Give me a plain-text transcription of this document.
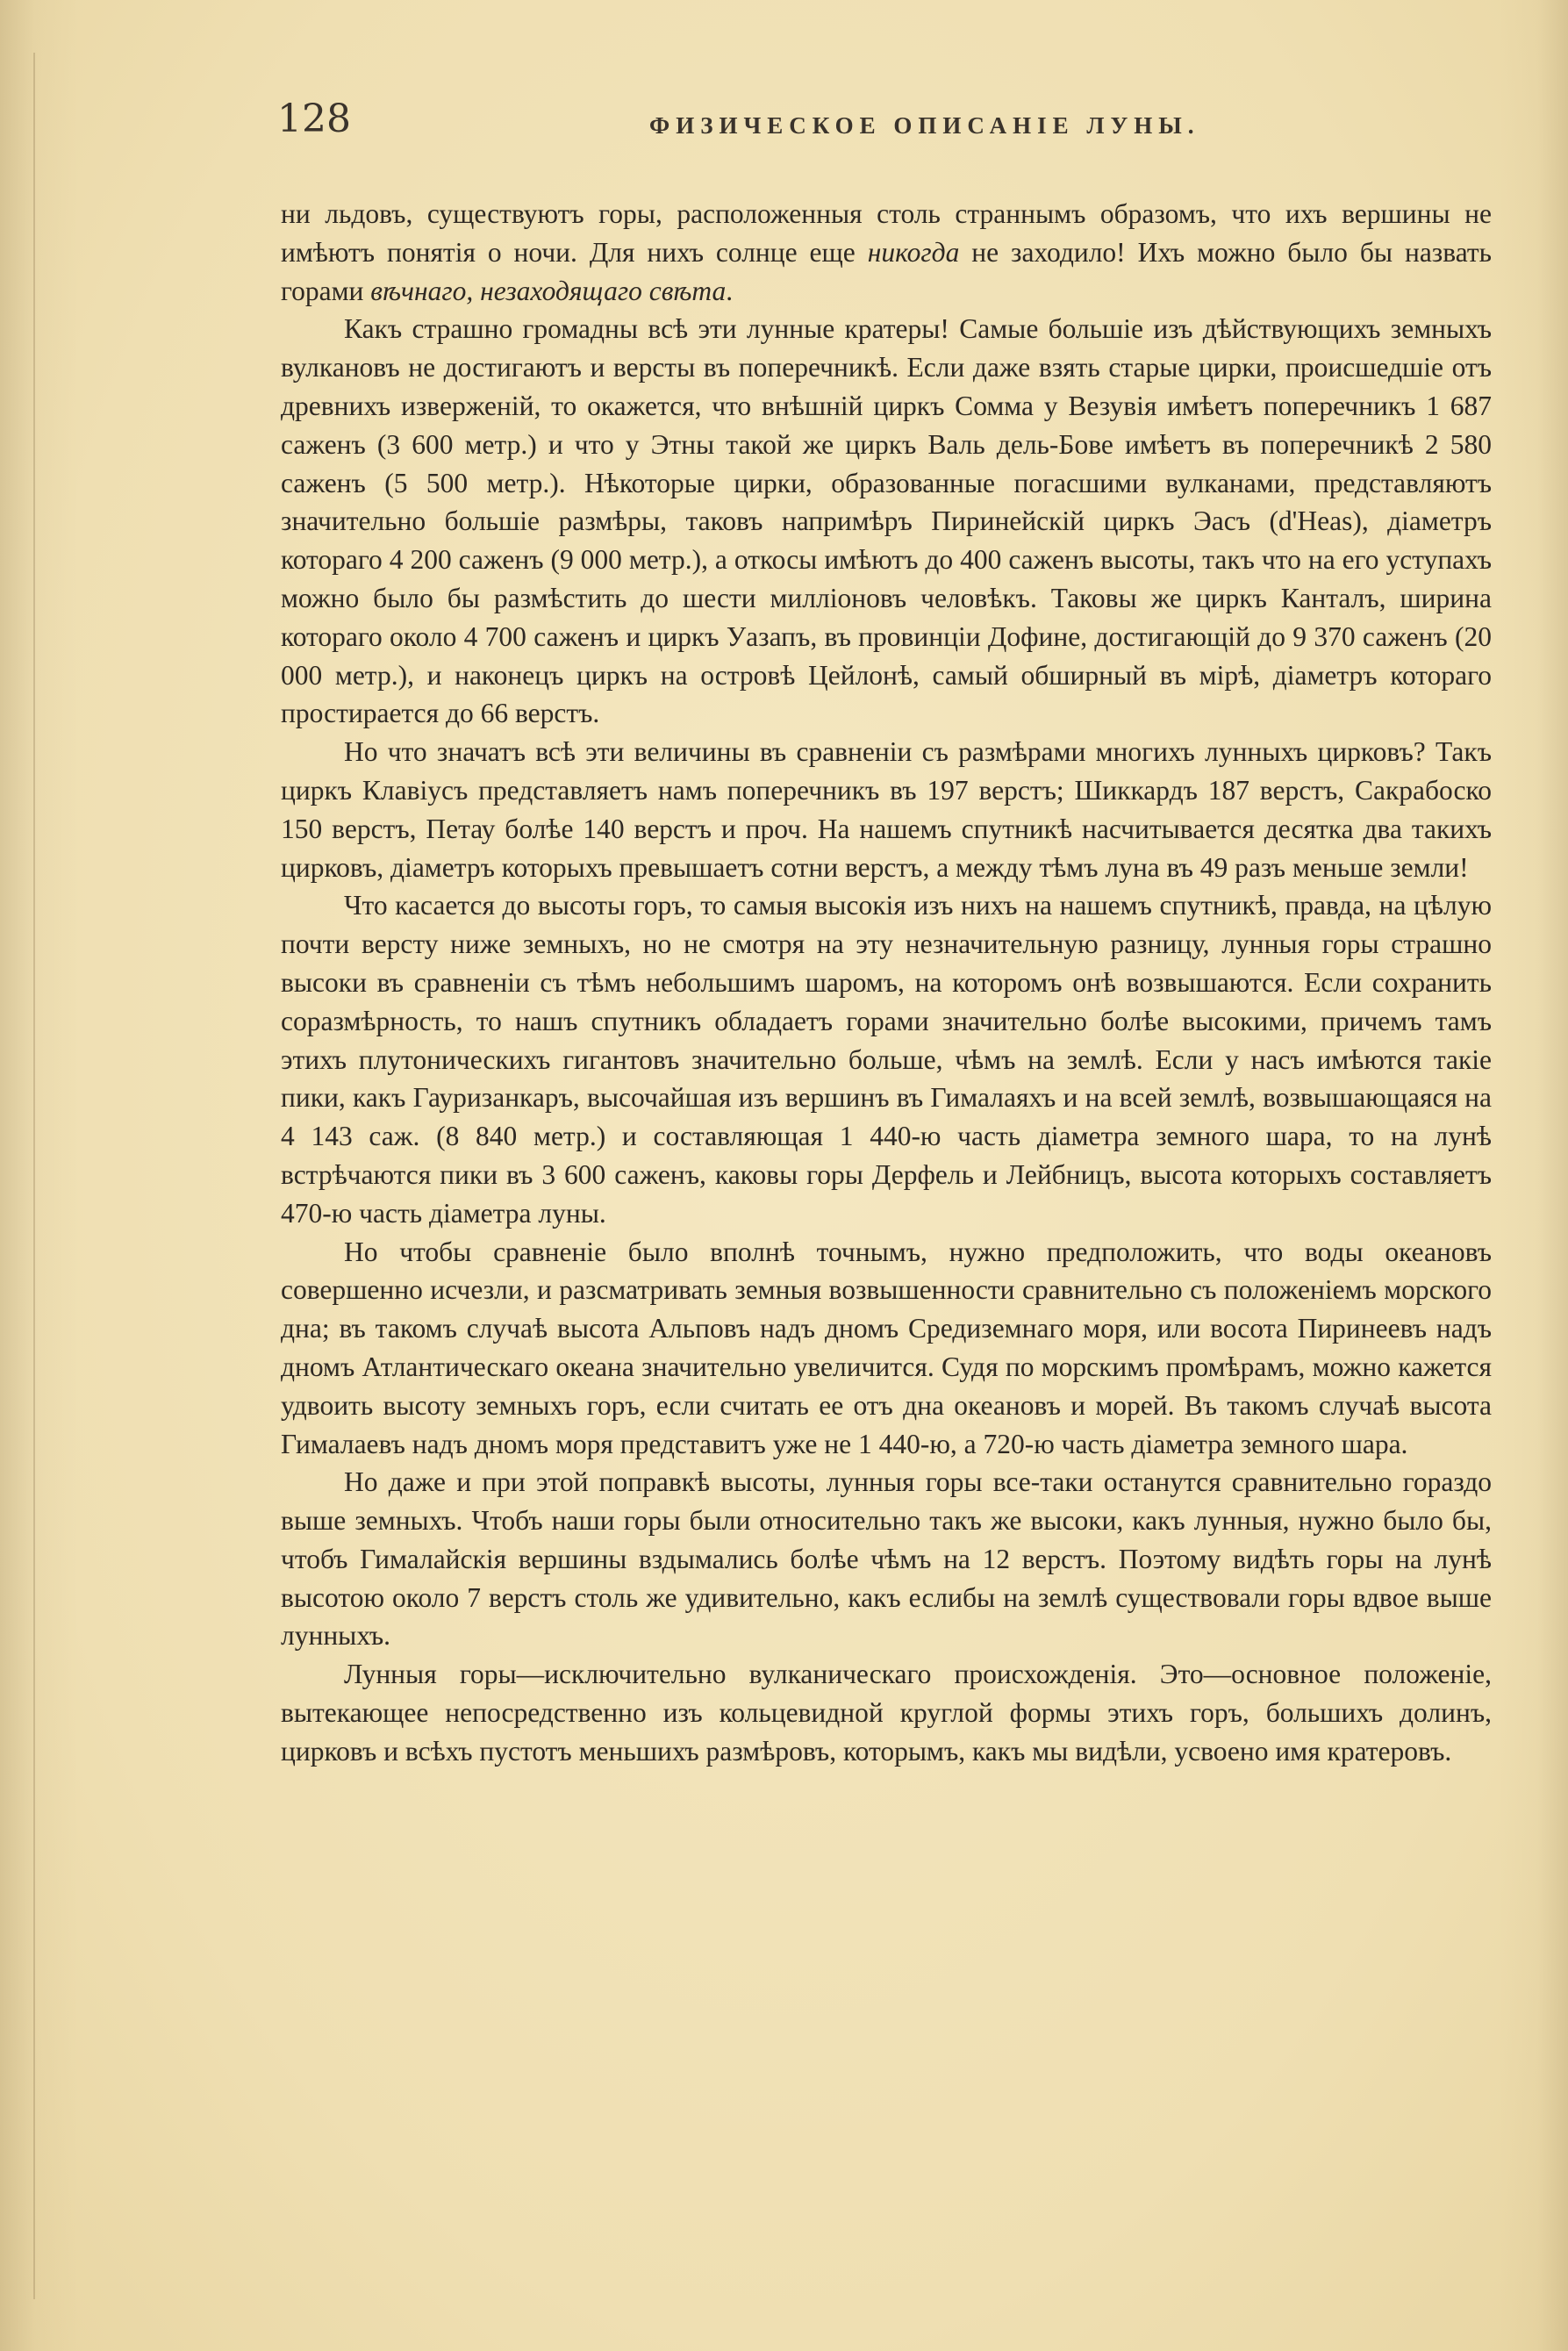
128	ФИЗИЧЕСКОЕ ОПИСАНІЕ ЛУНЫ.

ни льдовъ, существуютъ горы, расположенныя столь страннымъ образомъ, что ихъ вершины не имѣютъ понятія о ночи. Для нихъ солнце еще никогда не заходило! Ихъ можно было бы назвать горами вѣчнаго, незаходящаго свѣта.

Какъ страшно громадны всѣ эти лунные кратеры! Самые большіе изъ дѣйствующихъ земныхъ вулкановъ не достигаютъ и версты въ поперечникѣ. Если даже взять старые цирки, происшедшіе отъ древнихъ изверженій, то окажется, что внѣшній циркъ Сомма у Везувія имѣетъ поперечникъ 1 687 саженъ (3 600 метр.) и что у Этны такой же циркъ Валь дель-Бове имѣетъ въ поперечникѣ 2 580 саженъ (5 500 метр.). Нѣкоторые цирки, образованные погасшими вулканами, представляютъ значительно большіе размѣры, таковъ напримѣръ Пиринейскій циркъ Эасъ (d'Heas), діаметръ котораго 4 200 саженъ (9 000 метр.), а откосы имѣютъ до 400 саженъ высоты, такъ что на его уступахъ можно было бы размѣстить до шести милліоновъ человѣкъ. Таковы же циркъ Канталъ, ширина котораго около 4 700 саженъ и циркъ Уазапъ, въ провинціи Дофине, достигающій до 9 370 саженъ (20 000 метр.), и наконецъ циркъ на островѣ Цейлонѣ, самый обширный въ мірѣ, діаметръ котораго простирается до 66 верстъ.

Но что значатъ всѣ эти величины въ сравненіи съ размѣрами многихъ лунныхъ цирковъ? Такъ циркъ Клавіусъ представляетъ намъ поперечникъ въ 197 верстъ; Шиккардъ 187 верстъ, Сакрабоско 150 верстъ, Петау болѣе 140 верстъ и проч. На нашемъ спутникѣ насчитывается десятка два такихъ цирковъ, діаметръ которыхъ превышаетъ сотни верстъ, а между тѣмъ луна въ 49 разъ меньше земли!

Что касается до высоты горъ, то самыя высокія изъ нихъ на нашемъ спутникѣ, правда, на цѣлую почти версту ниже земныхъ, но не смотря на эту незначительную разницу, лунныя горы страшно высоки въ сравненіи съ тѣмъ небольшимъ шаромъ, на которомъ онѣ возвышаются. Если сохранить соразмѣрность, то нашъ спутникъ обладаетъ горами значительно болѣе высокими, причемъ тамъ этихъ плутоническихъ гигантовъ значительно больше, чѣмъ на землѣ. Если у насъ имѣются такіе пики, какъ Гауризанкаръ, высочайшая изъ вершинъ въ Гималаяхъ и на всей землѣ, возвышающаяся на 4 143 саж. (8 840 метр.) и составляющая 1 440-ю часть діаметра земного шара, то на лунѣ встрѣчаются пики въ 3 600 саженъ, каковы горы Дерфель и Лейбницъ, высота которыхъ составляетъ 470-ю часть діаметра луны.

Но чтобы сравненіе было вполнѣ точнымъ, нужно предположить, что воды океановъ совершенно исчезли, и разсматривать земныя возвышенности сравнительно съ положеніемъ морского дна; въ такомъ случаѣ высота Альповъ надъ дномъ Средиземнаго моря, или восота Пиринеевъ надъ дномъ Атлантическаго океана значительно увеличится. Судя по морскимъ промѣрамъ, можно кажется удвоить высоту земныхъ горъ, если считать ее отъ дна океановъ и морей. Въ такомъ случаѣ высота Гималаевъ надъ дномъ моря представитъ уже не 1 440-ю, а 720-ю часть діаметра земного шара.

Но даже и при этой поправкѣ высоты, лунныя горы все-таки останутся сравнительно гораздо выше земныхъ. Чтобъ наши горы были относительно такъ же высоки, какъ лунныя, нужно было бы, чтобъ Гималайскія вершины вздымались болѣе чѣмъ на 12 верстъ. Поэтому видѣть горы на лунѣ высотою около 7 верстъ столь же удивительно, какъ еслибы на землѣ существовали горы вдвое выше лунныхъ.

Лунныя горы—исключительно вулканическаго происхожденія. Это—основное положеніе, вытекающее непосредственно изъ кольцевидной круглой формы этихъ горъ, большихъ долинъ, цирковъ и всѣхъ пустотъ меньшихъ размѣровъ, которымъ, какъ мы видѣли, усвоено имя кратеровъ.
